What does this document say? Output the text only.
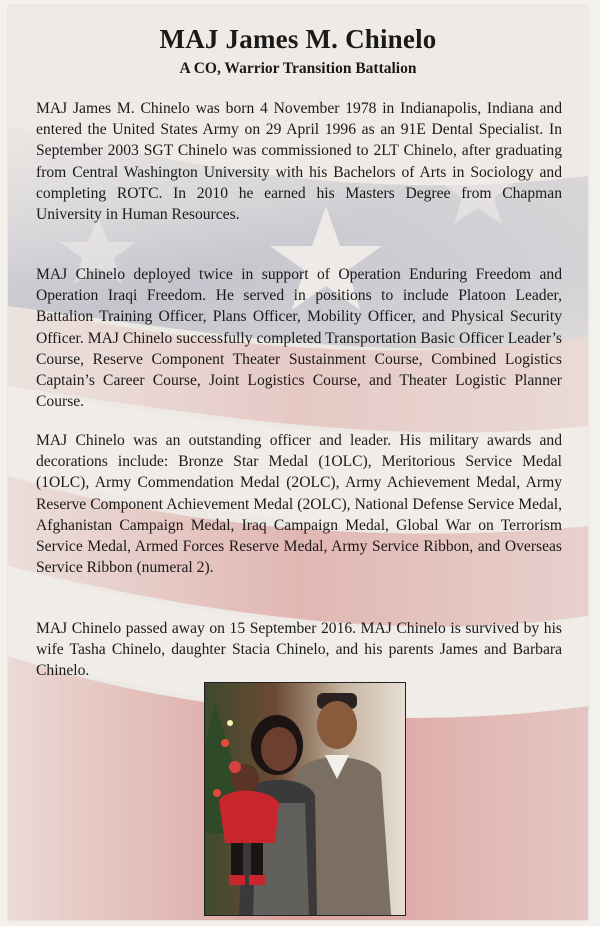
MAJ James M. Chinelo
A CO, Warrior Transition Battalion

MAJ James M. Chinelo was born 4 November 1978 in Indianapolis, Indiana and entered the United States Army on 29 April 1996 as an 91E Dental Specialist. In September 2003 SGT Chinelo was commissioned to 2LT Chinelo, after graduating from Central Washington University with his Bachelors of Arts in Sociology and completing ROTC. In 2010 he earned his Masters Degree from Chapman University in Human Resources.

MAJ Chinelo deployed twice in support of Operation Enduring Freedom and Operation Iraqi Freedom. He served in positions to include Platoon Leader, Battalion Training Officer, Plans Officer, Mobility Officer, and Physical Security Officer. MAJ Chinelo successfully completed Transportation Basic Officer Leader’s Course, Reserve Component Theater Sustainment Course, Combined Logistics Captain’s Career Course, Joint Logistics Course, and Theater Logistic Planner Course.

MAJ Chinelo was an outstanding officer and leader. His military awards and decorations include: Bronze Star Medal (1OLC), Meritorious Service Medal (1OLC), Army Commendation Medal (2OLC), Army Achievement Medal, Army Reserve Component Achievement Medal (2OLC), National Defense Service Medal, Afghanistan Campaign Medal, Iraq Campaign Medal, Global War on Terrorism Service Medal, Armed Forces Reserve Medal, Army Service Ribbon, and Overseas Service Ribbon (numeral 2).

MAJ Chinelo passed away on 15 September 2016. MAJ Chinelo is survived by his wife Tasha Chinelo, daughter Stacia Chinelo, and his parents James and Barbara Chinelo.
